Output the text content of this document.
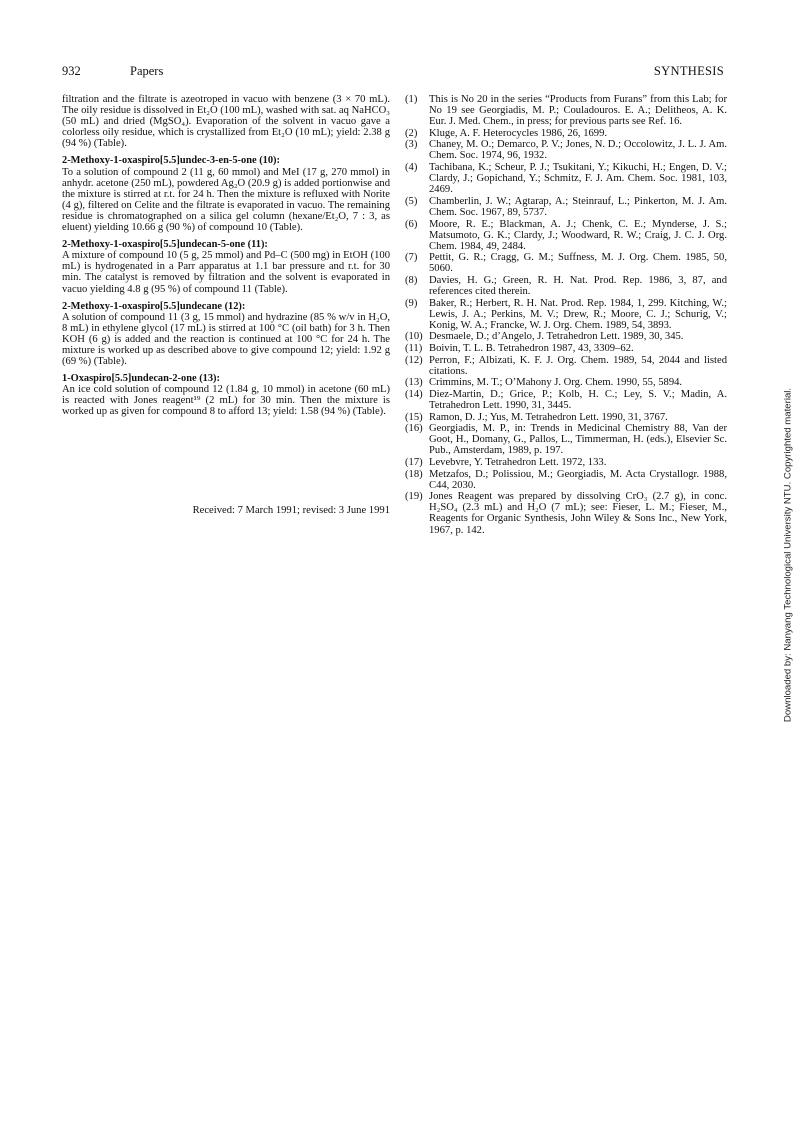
932	Papers	SYNTHESIS

filtration and the filtrate is azeotroped in vacuo with benzene (3 × 70 mL). The oily residue is dissolved in Et₂O (100 mL), washed with sat. aq NaHCO₃ (50 mL) and dried (MgSO₄). Evaporation of the solvent in vacuo gave a colorless oily residue, which is crystallized from Et₂O (10 mL); yield: 2.38 g (94 %) (Table).

2-Methoxy-1-oxaspiro[5.5]undec-3-en-5-one (10):

To a solution of compound 2 (11 g, 60 mmol) and MeI (17 g, 270 mmol) in anhydr. acetone (250 mL), powdered Ag₂O (20.9 g) is added portionwise and the mixture is stirred at r.t. for 24 h. Then the mixture is refluxed with Norite (4 g), filtered on Celite and the filtrate is evaporated in vacuo. The remaining residue is chromatographed on a silica gel column (hexane/Et₂O, 7 : 3, as eluent) yielding 10.66 g (90 %) of compound 10 (Table).

2-Methoxy-1-oxaspiro[5.5]undecan-5-one (11):

A mixture of compound 10 (5 g, 25 mmol) and Pd–C (500 mg) in EtOH (100 mL) is hydrogenated in a Parr apparatus at 1.1 bar pressure and r.t. for 30 min. The catalyst is removed by filtration and the solvent is evaporated in vacuo yielding 4.8 g (95 %) of compound 11 (Table).

2-Methoxy-1-oxaspiro[5.5]undecane (12):

A solution of compound 11 (3 g, 15 mmol) and hydrazine (85 % w/v in H₂O, 8 mL) in ethylene glycol (17 mL) is stirred at 100 °C (oil bath) for 3 h. Then KOH (6 g) is added and the reaction is continued at 100 °C for 24 h. The mixture is worked up as described above to give compound 12; yield: 1.92 g (69 %) (Table).

1-Oxaspiro[5.5]undecan-2-one (13):

An ice cold solution of compound 12 (1.84 g, 10 mmol) in acetone (60 mL) is reacted with Jones reagent¹⁹ (2 mL) for 30 min. Then the mixture is worked up as given for compound 8 to afford 13; yield: 1.58 (94 %) (Table).

Received: 7 March 1991; revised: 3 June 1991

(1) This is No 20 in the series “Products from Furans” from this Lab; for No 19 see Georgiadis, M. P.; Couladouros. E. A.; Delitheos, A. K. Eur. J. Med. Chem., in press; for previous parts see Ref. 16.
(2) Kluge, A. F. Heterocycles 1986, 26, 1699.
(3) Chaney, M. O.; Demarco, P. V.; Jones, N. D.; Occolowitz, J. L. J. Am. Chem. Soc. 1974, 96, 1932.
(4) Tachibana, K.; Scheur, P. J.; Tsukitani, Y.; Kikuchi, H.; Engen, D. V.; Clardy, J.; Gopichand, Y.; Schmitz, F. J. Am. Chem. Soc. 1981, 103, 2469.
(5) Chamberlin, J. W.; Agtarap, A.; Steinrauf, L.; Pinkerton, M. J. Am. Chem. Soc. 1967, 89, 5737.
(6) Moore, R. E.; Blackman, A. J.; Chenk, C. E.; Mynderse, J. S.; Matsumoto, G. K.; Clardy, J.; Woodward, R. W.; Craig, J. C. J. Org. Chem. 1984, 49, 2484.
(7) Pettit, G. R.; Cragg, G. M.; Suffness, M. J. Org. Chem. 1985, 50, 5060.
(8) Davies, H. G.; Green, R. H. Nat. Prod. Rep. 1986, 3, 87, and references cited therein.
(9) Baker, R.; Herbert, R. H. Nat. Prod. Rep. 1984, 1, 299. Kitching, W.; Lewis, J. A.; Perkins, M. V.; Drew, R.; Moore, C. J.; Schurig, V.; Konig, W. A.; Francke, W. J. Org. Chem. 1989, 54, 3893.
(10) Desmaele, D.; d’Angelo, J. Tetrahedron Lett. 1989, 30, 345.
(11) Boivin, T. L. B. Tetrahedron 1987, 43, 3309–62.
(12) Perron, F.; Albizati, K. F. J. Org. Chem. 1989, 54, 2044 and listed citations.
(13) Crimmins, M. T.; O’Mahony J. Org. Chem. 1990, 55, 5894.
(14) Diez-Martin, D.; Grice, P.; Kolb, H. C.; Ley, S. V.; Madin, A. Tetrahedron Lett. 1990, 31, 3445.
(15) Ramon, D. J.; Yus, M. Tetrahedron Lett. 1990, 31, 3767.
(16) Georgiadis, M. P., in: Trends in Medicinal Chemistry 88, Van der Goot, H., Domany, G., Pallos, L., Timmerman, H. (eds.), Elsevier Sc. Pub., Amsterdam, 1989, p. 197.
(17) Levebvre, Y. Tetrahedron Lett. 1972, 133.
(18) Metzafos, D.; Polissiou, M.; Georgiadis, M. Acta Crystallogr. 1988, C44, 2030.
(19) Jones Reagent was prepared by dissolving CrO₃ (2.7 g), in conc. H₂SO₄ (2.3 mL) and H₂O (7 mL); see: Fieser, L. M.; Fieser, M., Reagents for Organic Synthesis, John Wiley & Sons Inc., New York, 1967, p. 142.	Downloaded by: Nanyang Technological University NTU. Copyrighted material.
